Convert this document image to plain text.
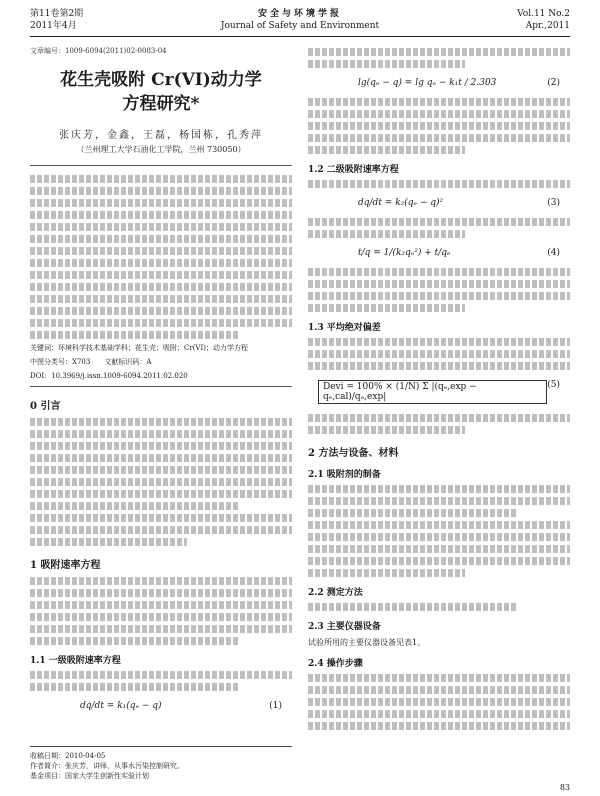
第11卷第2期
2011年4月
安全与环境学报
Journal of Safety and Environment
Vol.11 No.2
Apr.,2011
文章编号：1009-6094(2011)02-0083-04
花生壳吸附 Cr(VI)动力学
方程研究*
张庆芳，金鑫，王磊，杨国栋，孔秀萍
（兰州理工大学石油化工学院，兰州 730050）
关键词：环境科学技术基础学科；花生壳；吸附；Cr(VI)；动力学方程
中图分类号：X703　　文献标识码：A
DOI：10.3969/j.issn.1009-6094.2011.02.020
0 引言
1 吸附速率方程
1.1 一级吸附速率方程
dq/dt = k₁(qₑ − q)	(1)
lg(qₑ − q) = lg qₑ − k₁t / 2.303	(2)
1.2 二级吸附速率方程
dq/dt = k₂(qₑ − q)²	(3)
t/q = 1/(k₂qₑ²) + t/qₑ	(4)
1.3 平均绝对偏差
Devi = 100% × (1/N) Σ |(qₑ,exp − qₑ,cal)/qₑ,exp|
(5)
2 方法与设备、材料
2.1 吸附剂的制备
2.2 测定方法
2.3 主要仪器设备
试验所用的主要仪器设备见表1。
2.4 操作步骤
收稿日期：2010-04-05
作者简介：张庆芳，讲师，从事水污染控制研究。
基金项目：国家大学生创新性实验计划
83
